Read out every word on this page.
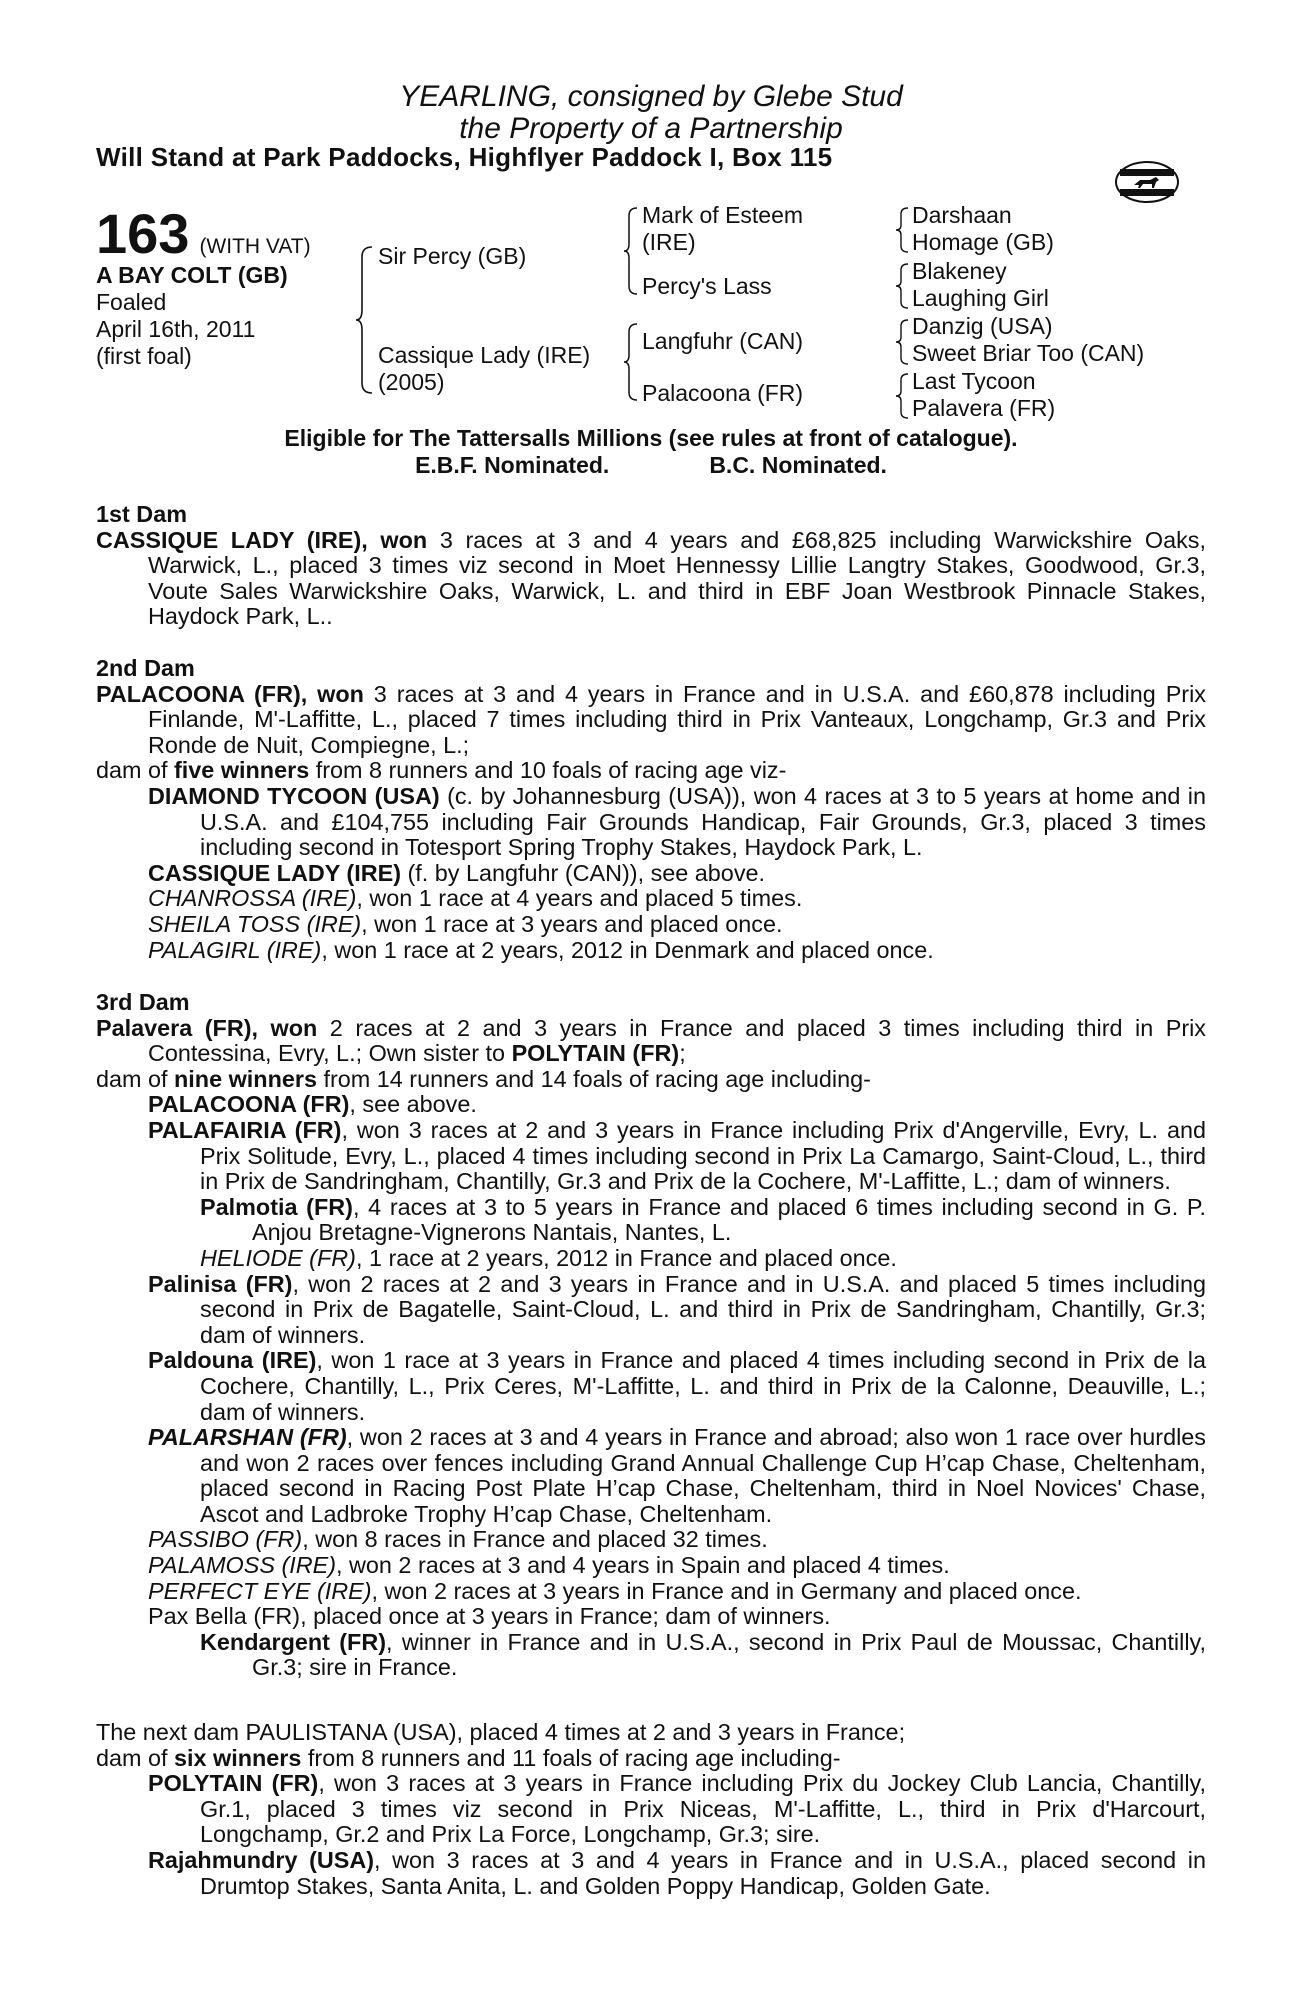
YEARLING, consigned by Glebe Stud
the Property of a Partnership
Will Stand at Park Paddocks, Highflyer Paddock I, Box 115
163 (WITH VAT)
A BAY COLT (GB)
Foaled
April 16th, 2011
(first foal)
Sir Percy (GB)
Cassique Lady (IRE)
(2005)
Mark of Esteem
(IRE)
Percy's Lass
Langfuhr (CAN)
Palacoona (FR)
Darshaan
Homage (GB)
Blakeney
Laughing Girl
Danzig (USA)
Sweet Briar Too (CAN)
Last Tycoon
Palavera (FR)
Eligible for The Tattersalls Millions (see rules at front of catalogue).
E.B.F. Nominated.	B.C. Nominated.

1st Dam

CASSIQUE LADY (IRE), won 3 races at 3 and 4 years and £68,825 including Warwickshire Oaks, Warwick, L., placed 3 times viz second in Moet Hennessy Lillie Langtry Stakes, Goodwood, Gr.3, Voute Sales Warwickshire Oaks, Warwick, L. and third in EBF Joan Westbrook Pinnacle Stakes, Haydock Park, L..

2nd Dam

PALACOONA (FR), won 3 races at 3 and 4 years in France and in U.S.A. and £60,878 including Prix Finlande, M'-Laffitte, L., placed 7 times including third in Prix Vanteaux, Longchamp, Gr.3 and Prix Ronde de Nuit, Compiegne, L.;

dam of five winners from 8 runners and 10 foals of racing age viz-

DIAMOND TYCOON (USA) (c. by Johannesburg (USA)), won 4 races at 3 to 5 years at home and in U.S.A. and £104,755 including Fair Grounds Handicap, Fair Grounds, Gr.3, placed 3 times including second in Totesport Spring Trophy Stakes, Haydock Park, L.

CASSIQUE LADY (IRE) (f. by Langfuhr (CAN)), see above.

CHANROSSA (IRE), won 1 race at 4 years and placed 5 times.

SHEILA TOSS (IRE), won 1 race at 3 years and placed once.

PALAGIRL (IRE), won 1 race at 2 years, 2012 in Denmark and placed once.

3rd Dam

Palavera (FR), won 2 races at 2 and 3 years in France and placed 3 times including third in Prix Contessina, Evry, L.; Own sister to POLYTAIN (FR);

dam of nine winners from 14 runners and 14 foals of racing age including-

PALACOONA (FR), see above.

PALAFAIRIA (FR), won 3 races at 2 and 3 years in France including Prix d'Angerville, Evry, L. and Prix Solitude, Evry, L., placed 4 times including second in Prix La Camargo, Saint-Cloud, L., third in Prix de Sandringham, Chantilly, Gr.3 and Prix de la Cochere, M'-Laffitte, L.; dam of winners.

Palmotia (FR), 4 races at 3 to 5 years in France and placed 6 times including second in G. P. Anjou Bretagne-Vignerons Nantais, Nantes, L.

HELIODE (FR), 1 race at 2 years, 2012 in France and placed once.

Palinisa (FR), won 2 races at 2 and 3 years in France and in U.S.A. and placed 5 times including second in Prix de Bagatelle, Saint-Cloud, L. and third in Prix de Sandringham, Chantilly, Gr.3; dam of winners.

Paldouna (IRE), won 1 race at 3 years in France and placed 4 times including second in Prix de la Cochere, Chantilly, L., Prix Ceres, M'-Laffitte, L. and third in Prix de la Calonne, Deauville, L.; dam of winners.

PALARSHAN (FR), won 2 races at 3 and 4 years in France and abroad; also won 1 race over hurdles and won 2 races over fences including Grand Annual Challenge Cup H’cap Chase, Cheltenham, placed second in Racing Post Plate H’cap Chase, Cheltenham, third in Noel Novices' Chase, Ascot and Ladbroke Trophy H’cap Chase, Cheltenham.

PASSIBO (FR), won 8 races in France and placed 32 times.

PALAMOSS (IRE), won 2 races at 3 and 4 years in Spain and placed 4 times.

PERFECT EYE (IRE), won 2 races at 3 years in France and in Germany and placed once.

Pax Bella (FR), placed once at 3 years in France; dam of winners.

Kendargent (FR), winner in France and in U.S.A., second in Prix Paul de Moussac, Chantilly, Gr.3; sire in France.

The next dam PAULISTANA (USA), placed 4 times at 2 and 3 years in France;

dam of six winners from 8 runners and 11 foals of racing age including-

POLYTAIN (FR), won 3 races at 3 years in France including Prix du Jockey Club Lancia, Chantilly, Gr.1, placed 3 times viz second in Prix Niceas, M'-Laffitte, L., third in Prix d'Harcourt, Longchamp, Gr.2 and Prix La Force, Longchamp, Gr.3; sire.

Rajahmundry (USA), won 3 races at 3 and 4 years in France and in U.S.A., placed second in Drumtop Stakes, Santa Anita, L. and Golden Poppy Handicap, Golden Gate.
